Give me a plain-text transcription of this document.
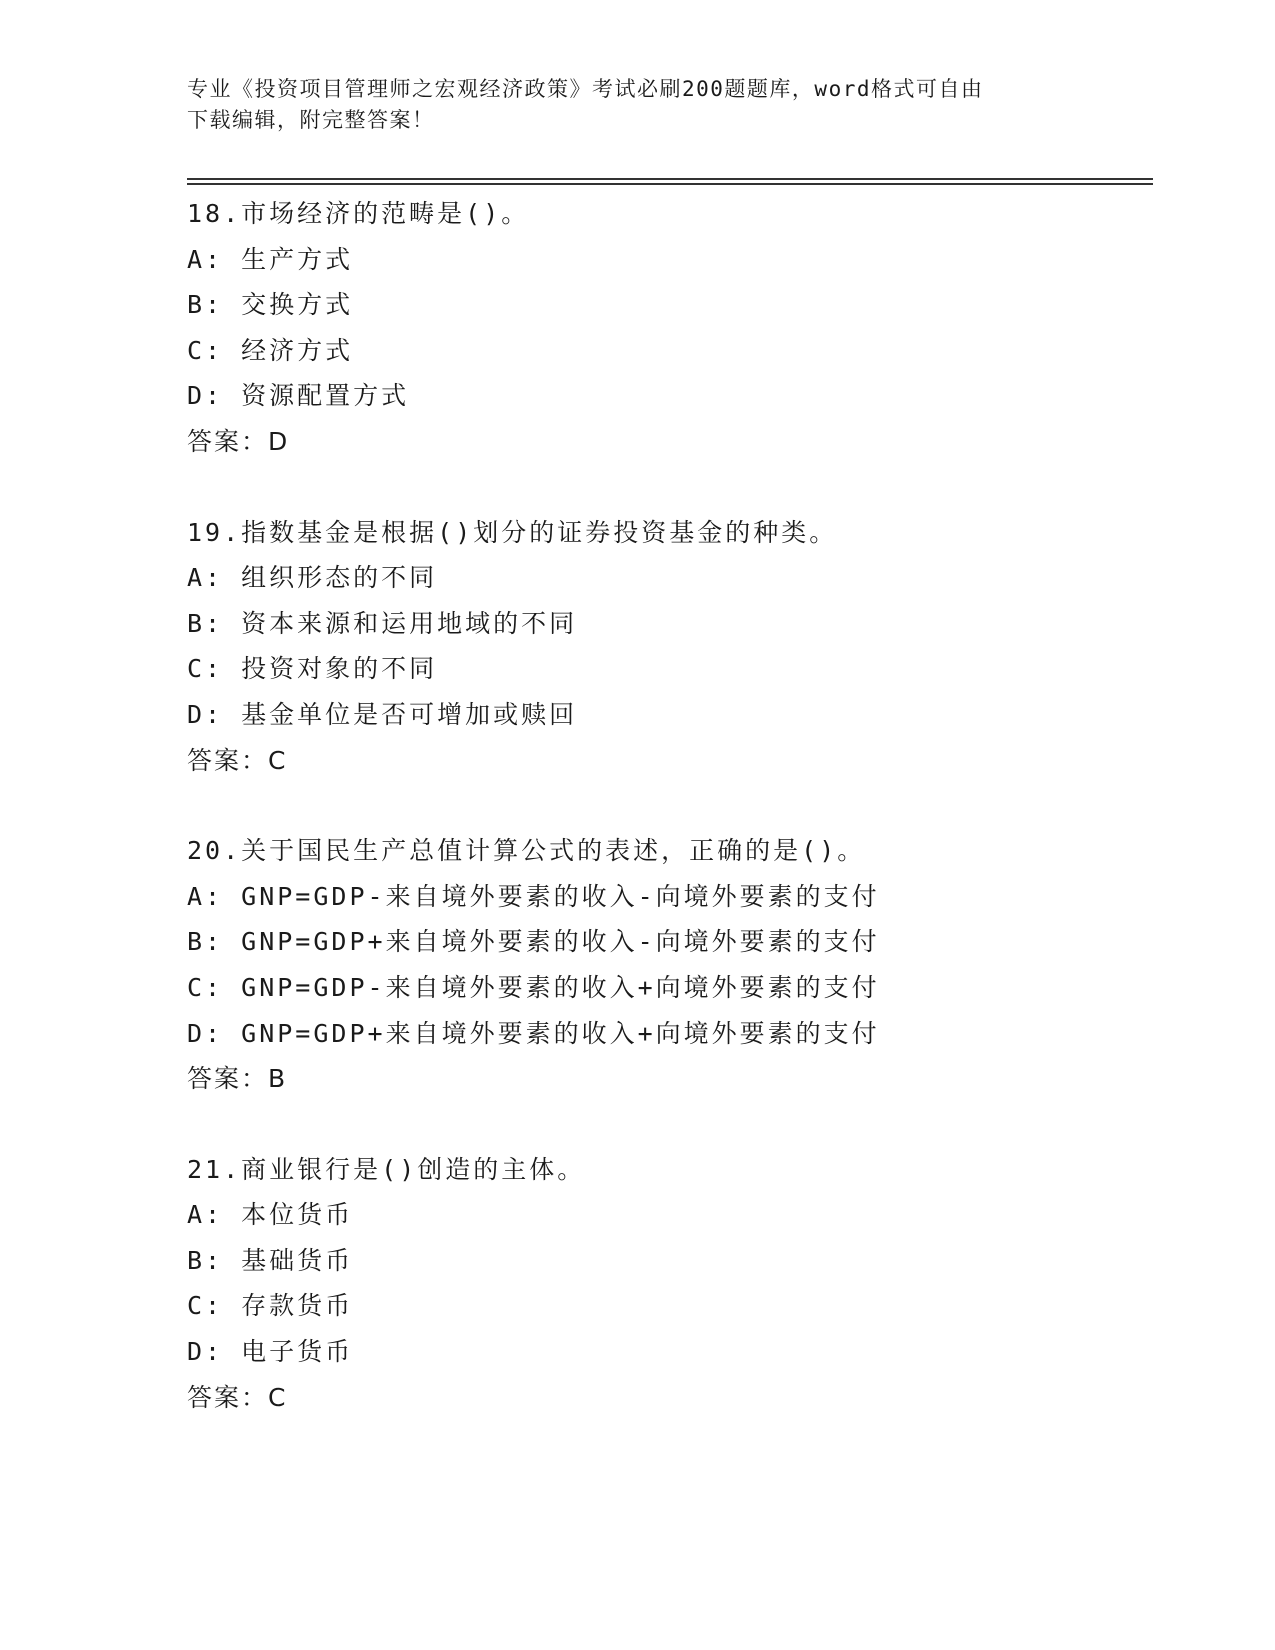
专业《投资项目管理师之宏观经济政策》考试必刷200题题库，word格式可自由
下载编辑，附完整答案！
18.市场经济的范畴是()。
A: 生产方式
B: 交换方式
C: 经济方式
D: 资源配置方式
答案：D
19.指数基金是根据()划分的证券投资基金的种类。
A: 组织形态的不同
B: 资本来源和运用地域的不同
C: 投资对象的不同
D: 基金单位是否可增加或赎回
答案：C
20.关于国民生产总值计算公式的表述，正确的是()。
A: GNP=GDP-来自境外要素的收入-向境外要素的支付
B: GNP=GDP+来自境外要素的收入-向境外要素的支付
C: GNP=GDP-来自境外要素的收入+向境外要素的支付
D: GNP=GDP+来自境外要素的收入+向境外要素的支付
答案：B
21.商业银行是()创造的主体。
A: 本位货币
B: 基础货币
C: 存款货币
D: 电子货币
答案：C
